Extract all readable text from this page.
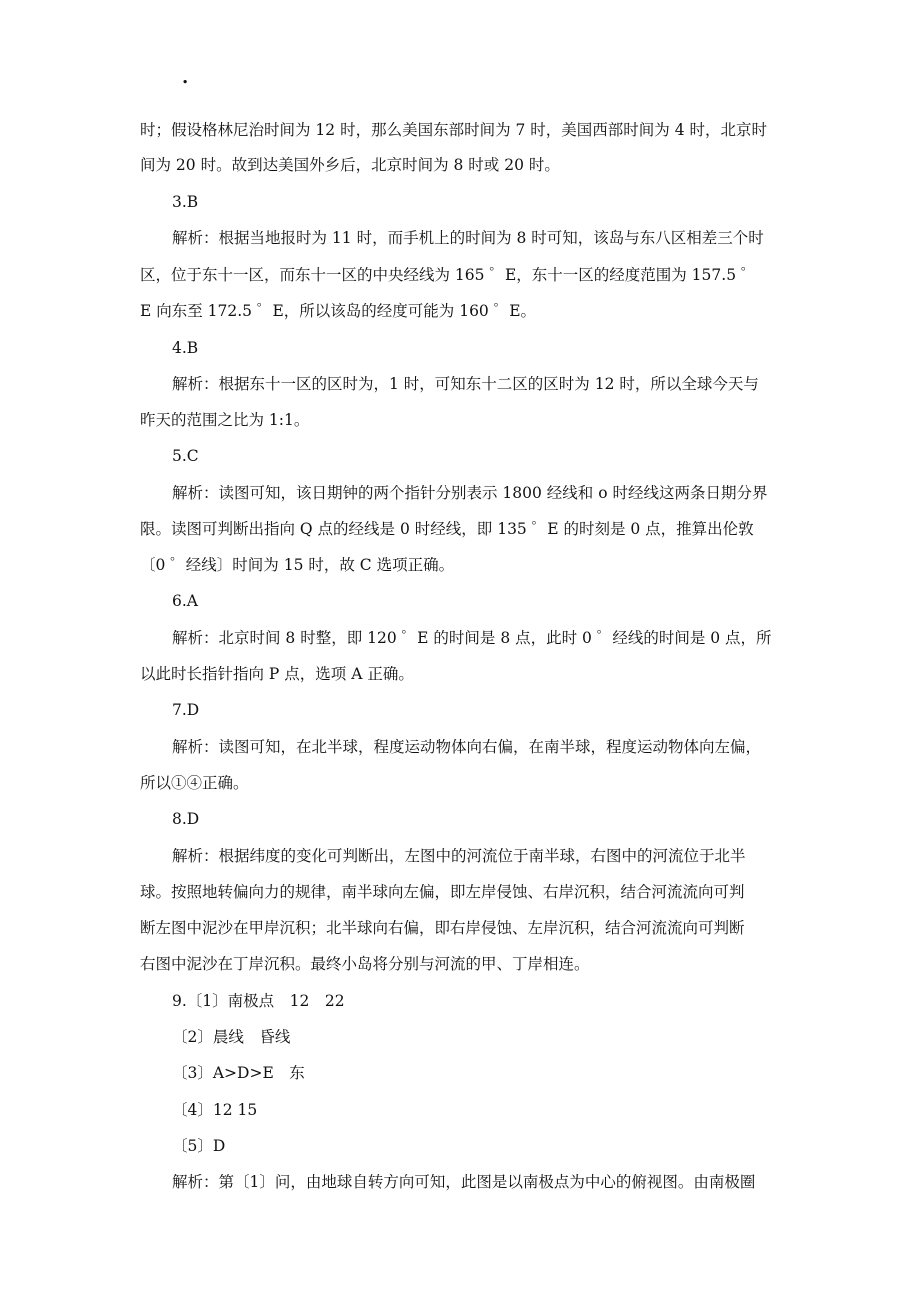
.
时；假设格林尼治时间为 12 时，那么美国东部时间为 7 时，美国西部时间为 4 时，北京时
间为 20 时。故到达美国外乡后，北京时间为 8 时或 20 时。
3.B
解析：根据当地报时为 11 时，而手机上的时间为 8 时可知，该岛与东八区相差三个时
区，位于东十一区，而东十一区的中央经线为 165 ゜E，东十一区的经度范围为 157.5 ゜
E 向东至 172.5 ゜E，所以该岛的经度可能为 160 ゜E。
4.B
解析：根据东十一区的区时为，1 时，可知东十二区的区时为 12 时，所以全球今天与
昨天的范围之比为 1:1。
5.C
解析：读图可知，该日期钟的两个指针分别表示 1800 经线和 o 时经线这两条日期分界
限。读图可判断出指向 Q 点的经线是 0 时经线，即 135 ゜E 的时刻是 0 点，推算出伦敦
〔0 ゜经线〕时间为 15 时，故 C 选项正确。
6.A
解析：北京时间 8 时整，即 120 ゜E 的时间是 8 点，此时 0 ゜经线的时间是 0 点，所
以此时长指针指向 P 点，选项 A 正确。
7.D
解析：读图可知，在北半球，程度运动物体向右偏，在南半球，程度运动物体向左偏，
所以①④正确。
8.D
解析：根据纬度的变化可判断出，左图中的河流位于南半球，右图中的河流位于北半
球。按照地转偏向力的规律，南半球向左偏，即左岸侵蚀、右岸沉积，结合河流流向可判
断左图中泥沙在甲岸沉积；北半球向右偏，即右岸侵蚀、左岸沉积，结合河流流向可判断
右图中泥沙在丁岸沉积。最终小岛将分别与河流的甲、丁岸相连。
9.〔1〕南极点　12　22
〔2〕晨线　昏线
〔3〕A>D>E　东
〔4〕12 15
〔5〕D
解析：第〔1〕问，由地球自转方向可知，此图是以南极点为中心的俯视图。由南极圈
